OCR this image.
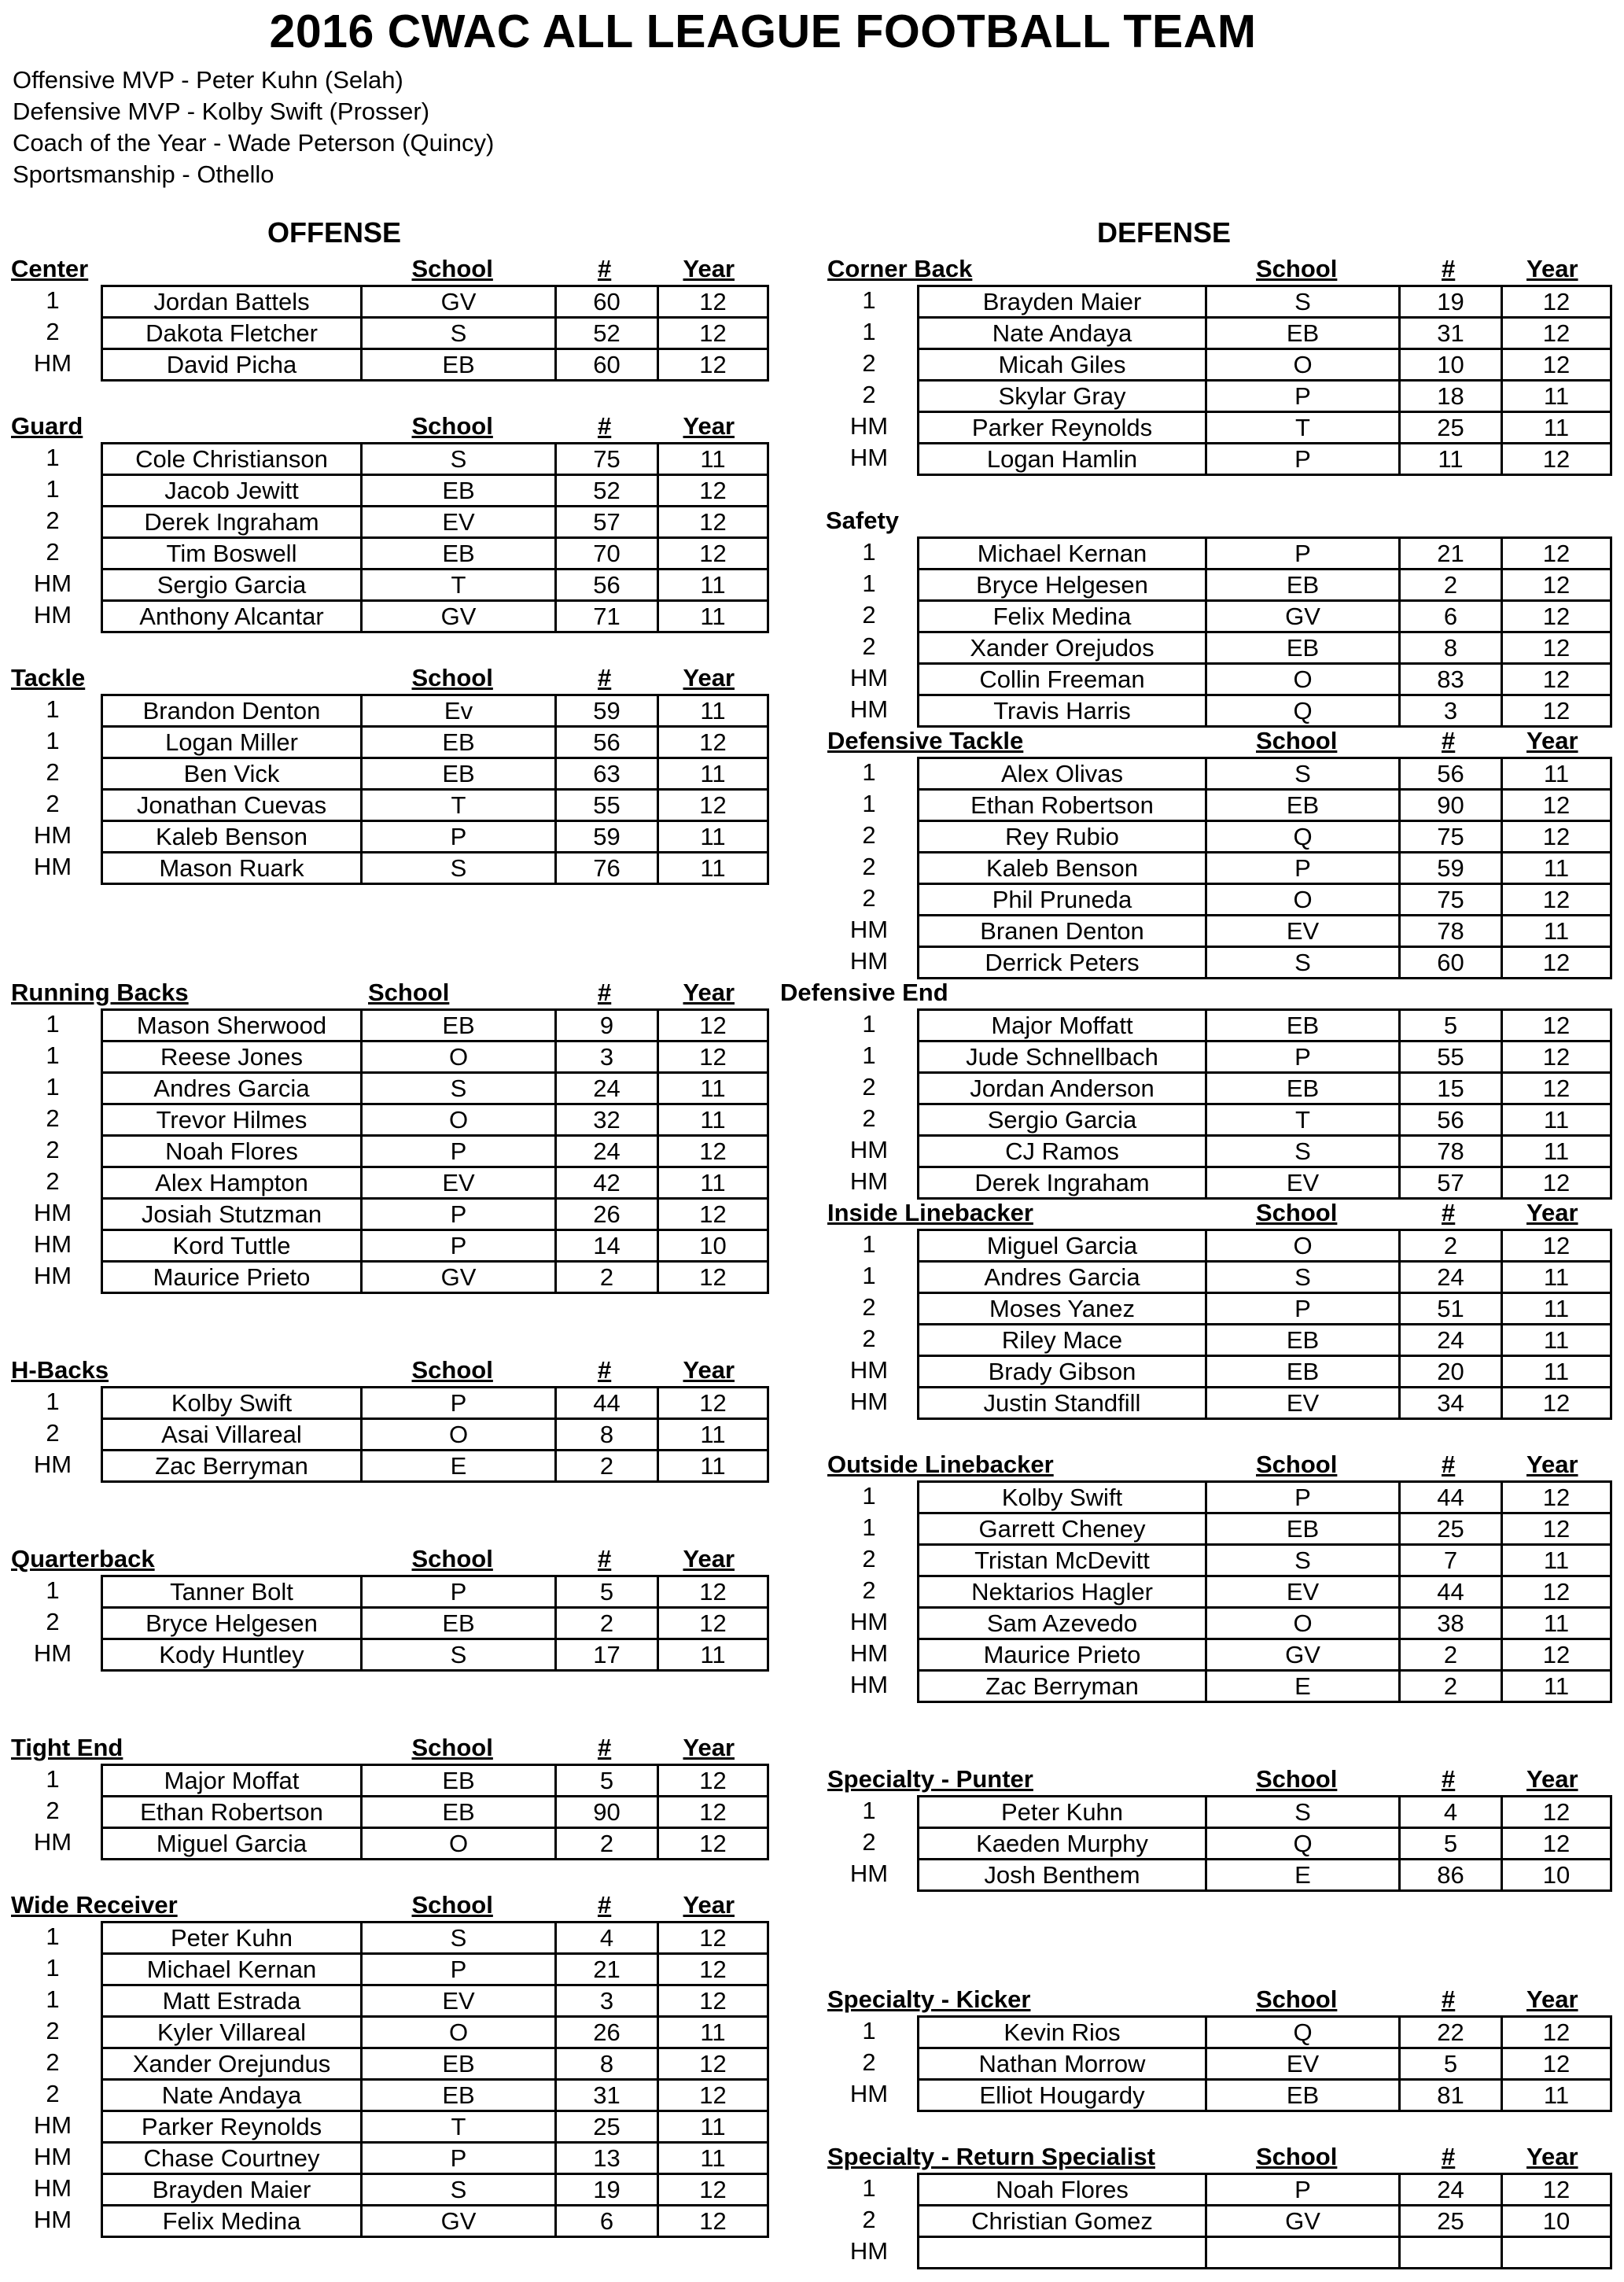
2016 CWAC ALL LEAGUE FOOTBALL TEAM
Offensive MVP - Peter Kuhn (Selah)
Defensive MVP - Kolby Swift (Prosser)
Coach of the Year - Wade Peterson (Quincy)
Sportsmanship - Othello
OFFENSE	DEFENSE
Center	School	#	Year
1	Jordan Battels	GV	60	12
2	Dakota Fletcher	S	52	12
HM	David Picha	EB	60	12
Guard	School	#	Year
1	Cole Christianson	S	75	11
1	Jacob Jewitt	EB	52	12
2	Derek Ingraham	EV	57	12
2	Tim Boswell	EB	70	12
HM	Sergio Garcia	T	56	11
HM	Anthony Alcantar	GV	71	11
Tackle	School	#	Year
1	Brandon Denton	Ev	59	11
1	Logan Miller	EB	56	12
2	Ben Vick	EB	63	11
2	Jonathan Cuevas	T	55	12
HM	Kaleb Benson	P	59	11
HM	Mason Ruark	S	76	11
Running Backs	School	#	Year
1	Mason Sherwood	EB	9	12
1	Reese Jones	O	3	12
1	Andres Garcia	S	24	11
2	Trevor Hilmes	O	32	11
2	Noah Flores	P	24	12
2	Alex Hampton	EV	42	11
HM	Josiah Stutzman	P	26	12
HM	Kord Tuttle	P	14	10
HM	Maurice Prieto	GV	2	12
H-Backs	School	#	Year
1	Kolby Swift	P	44	12
2	Asai Villareal	O	8	11
HM	Zac Berryman	E	2	11
Quarterback	School	#	Year
1	Tanner Bolt	P	5	12
2	Bryce Helgesen	EB	2	12
HM	Kody Huntley	S	17	11
Tight End	School	#	Year
1	Major Moffat	EB	5	12
2	Ethan Robertson	EB	90	12
HM	Miguel Garcia	O	2	12
Wide Receiver	School	#	Year
1	Peter Kuhn	S	4	12
1	Michael Kernan	P	21	12
1	Matt Estrada	EV	3	12
2	Kyler Villareal	O	26	11
2	Xander Orejundus	EB	8	12
2	Nate Andaya	EB	31	12
HM	Parker Reynolds	T	25	11
HM	Chase Courtney	P	13	11
HM	Brayden Maier	S	19	12
HM	Felix Medina	GV	6	12
Corner Back	School	#	Year
1	Brayden Maier	S	19	12
1	Nate Andaya	EB	31	12
2	Micah Giles	O	10	12
2	Skylar Gray	P	18	11
HM	Parker Reynolds	T	25	11
HM	Logan Hamlin	P	11	12
Safety
1	Michael Kernan	P	21	12
1	Bryce Helgesen	EB	2	12
2	Felix Medina	GV	6	12
2	Xander Orejudos	EB	8	12
HM	Collin Freeman	O	83	12
HM	Travis Harris	Q	3	12
Defensive Tackle	School	#	Year
1	Alex Olivas	S	56	11
1	Ethan Robertson	EB	90	12
2	Rey Rubio	Q	75	12
2	Kaleb Benson	P	59	11
2	Phil Pruneda	O	75	12
HM	Branen Denton	EV	78	11
HM	Derrick Peters	S	60	12
Defensive End
1	Major Moffatt	EB	5	12
1	Jude Schnellbach	P	55	12
2	Jordan Anderson	EB	15	12
2	Sergio Garcia	T	56	11
HM	CJ Ramos	S	78	11
HM	Derek Ingraham	EV	57	12
Inside Linebacker	School	#	Year
1	Miguel Garcia	O	2	12
1	Andres Garcia	S	24	11
2	Moses Yanez	P	51	11
2	Riley Mace	EB	24	11
HM	Brady Gibson	EB	20	11
HM	Justin Standfill	EV	34	12
Outside Linebacker	School	#	Year
1	Kolby Swift	P	44	12
1	Garrett Cheney	EB	25	12
2	Tristan McDevitt	S	7	11
2	Nektarios Hagler	EV	44	12
HM	Sam Azevedo	O	38	11
HM	Maurice Prieto	GV	2	12
HM	Zac Berryman	E	2	11
Specialty - Punter	School	#	Year
1	Peter Kuhn	S	4	12
2	Kaeden Murphy	Q	5	12
HM	Josh Benthem	E	86	10
Specialty - Kicker	School	#	Year
1	Kevin Rios	Q	22	12
2	Nathan Morrow	EV	5	12
HM	Elliot Hougardy	EB	81	11
Specialty - Return Specialist	School	#	Year
1	Noah Flores	P	24	12
2	Christian Gomez	GV	25	10
HM
